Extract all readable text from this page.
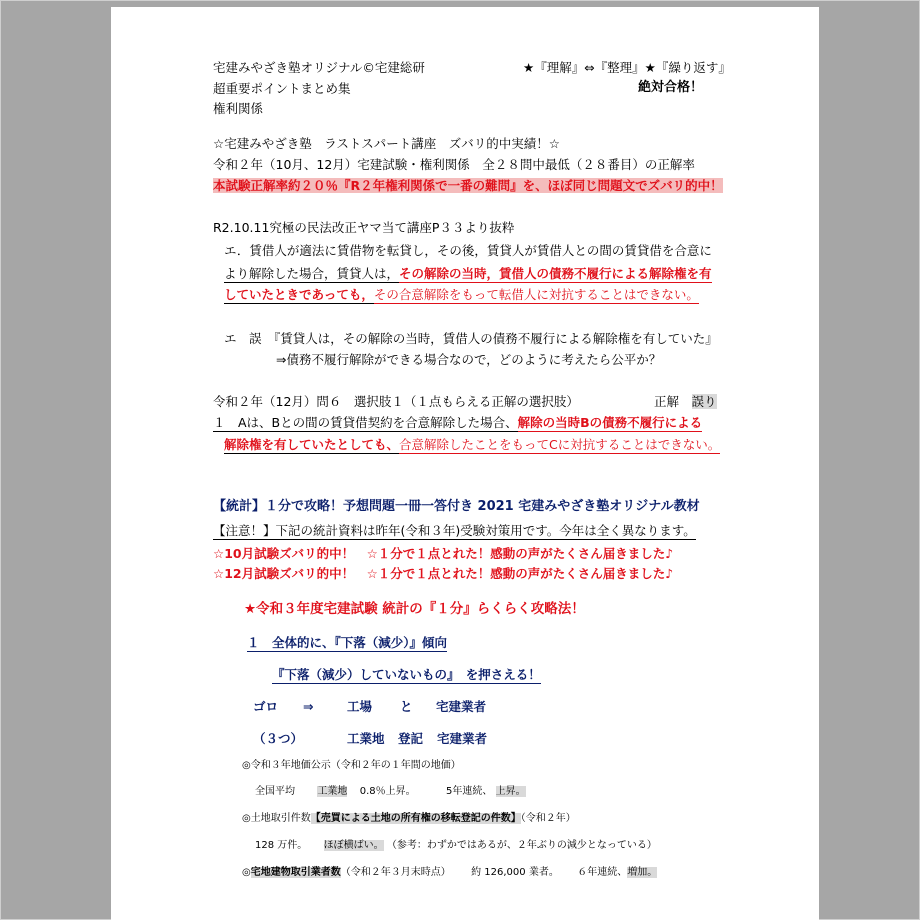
宅建みやざき塾オリジナル©宅建総研
超重要ポイントまとめ集
権利関係
★『理解』⇔『整理』★『繰り返す』
絶対合格！
☆宅建みやざき塾　ラストスパート講座　ズバリ的中実績！☆
令和２年（10月、12月）宅建試験・権利関係　全２８問中最低（２８番目）の正解率
本試験正解率約２０％『R２年権利関係で一番の難問』を、ほぼ同じ問題文でズバリ的中！
R2.10.11究極の民法改正ヤマ当て講座P３３より抜粋
エ．賃借人が適法に賃借物を転貸し，その後，賃貸人が賃借人との間の賃貸借を合意に
より解除した場合，賃貸人は，その解除の当時，賃借人の債務不履行による解除権を有
していたときであっても，その合意解除をもって転借人に対抗することはできない。
エ　誤　 『賃貸人は，その解除の当時，賃借人の債務不履行による解除権を有していた』
⇒債務不履行解除ができる場合なので，どのように考えたら公平か？
令和２年（12月）問６　選択肢１（１点もらえる正解の選択肢）	正解　 誤り
１　Aは、Bとの間の賃貸借契約を合意解除した場合、解除の当時Bの債務不履行による
解除権を有していたとしても、合意解除したことをもってCに対抗することはできない。
【統計】１分で攻略！予想問題一冊一答付き 2021 宅建みやざき塾オリジナル教材
【注意！】下記の統計資料は昨年(令和３年)受験対策用です。今年は全く異なります。
☆10月試験ズバリ的中！　☆１分で１点とれた！感動の声がたくさん届きました♪
☆12月試験ズバリ的中！　☆１分で１点とれた！感動の声がたくさん届きました♪
★令和３年度宅建試験 統計の『１分』らくらく攻略法！
１　全体的に、『下落（減少）』傾向
『下落（減少）していないもの』　を押さえる！
ゴロ ⇒	工場 と 宅建業者
（３つ）	工業地 登記 宅建業者
◎令和３年地価公示（令和２年の１年間の地価）
全国平均 工業地 0.8％上昇。	5年連続、 上昇。
◎土地取引件数【売買による土地の所有権の移転登記の件数】（令和２年）
128 万件。 ほぼ横ばい。 （参考：わずかではあるが、２年ぶりの減少となっている）
◎宅地建物取引業者数（令和２年３月末時点） 約 126,000 業者。 ６年連続、増加。
